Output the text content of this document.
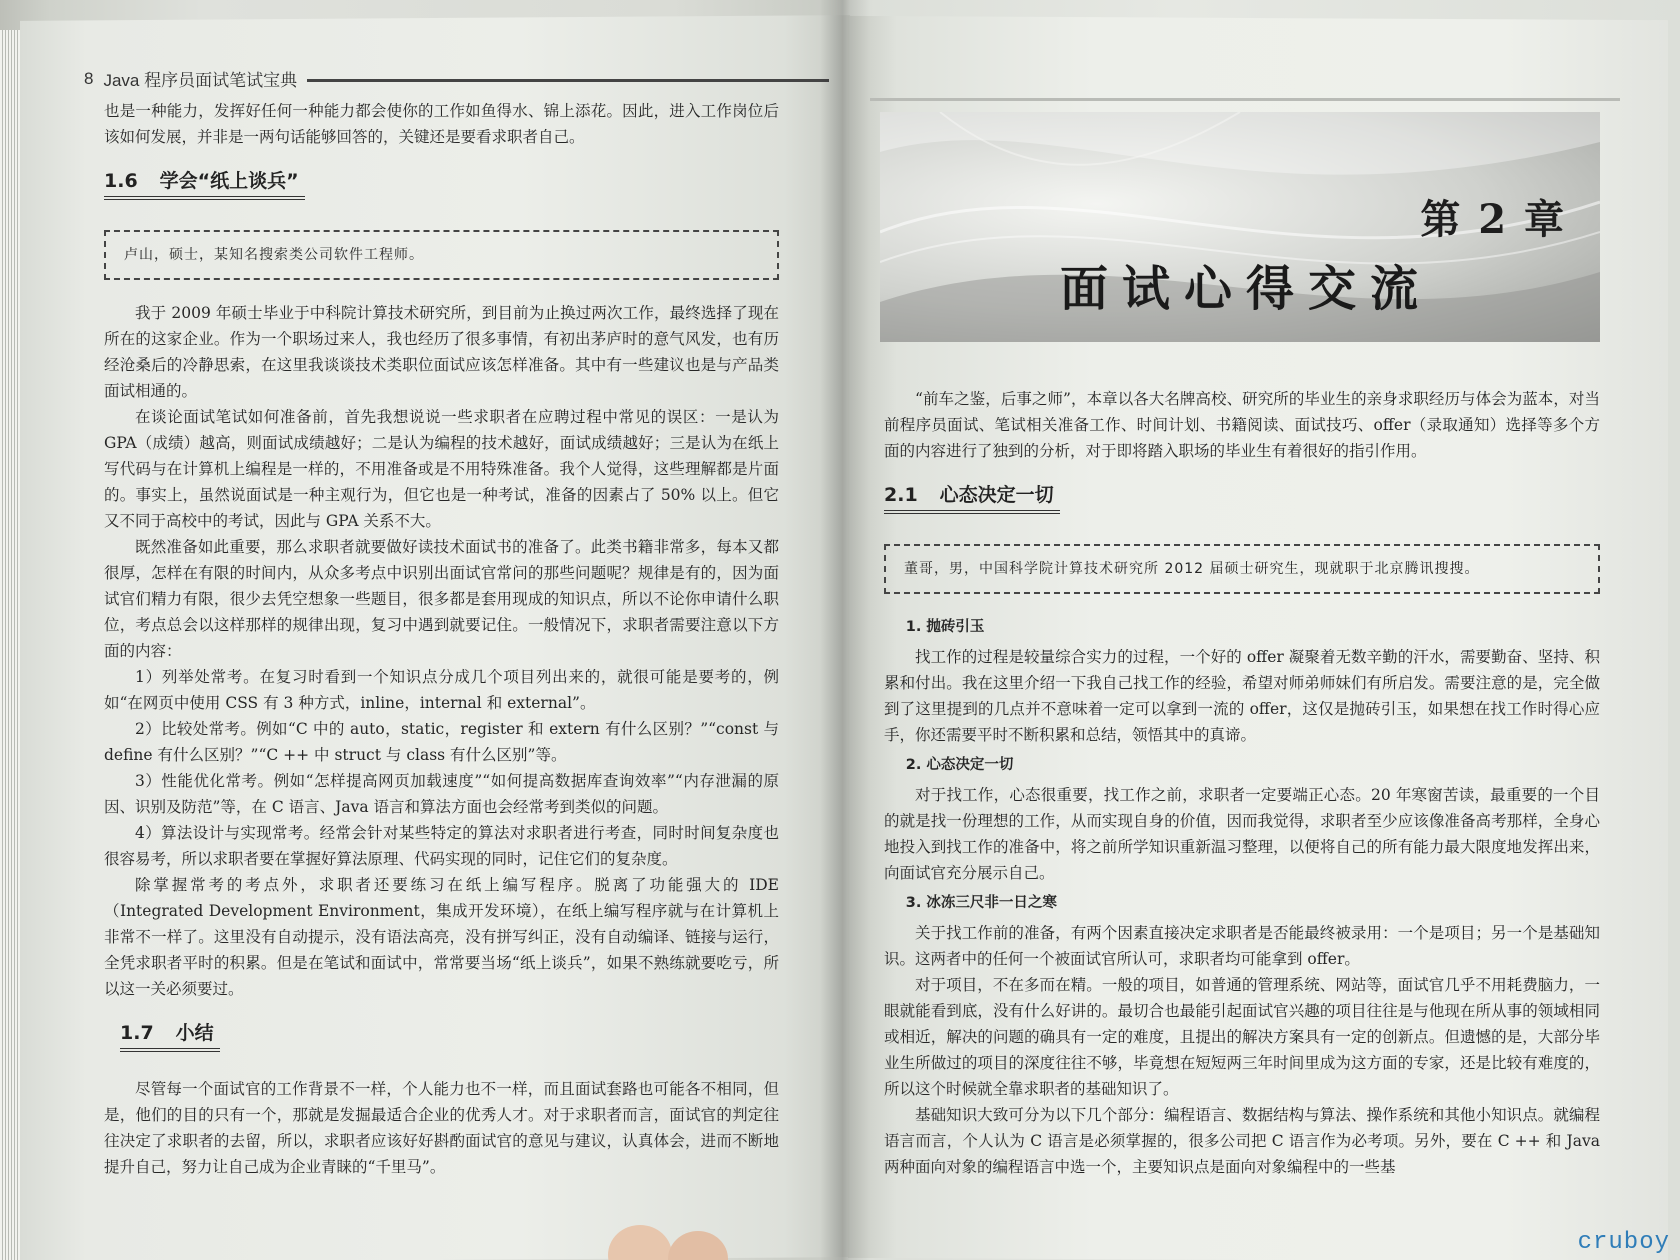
8 Java 程序员面试笔试宝典

也是一种能力，发挥好任何一种能力都会使你的工作如鱼得水、锦上添花。因此，进入工作岗位后该如何发展，并非是一两句话能够回答的，关键还是要看求职者自己。

1.6 学会“纸上谈兵”
卢山，硕士，某知名搜索类公司软件工程师。

我于 2009 年硕士毕业于中科院计算技术研究所，到目前为止换过两次工作，最终选择了现在所在的这家企业。作为一个职场过来人，我也经历了很多事情，有初出茅庐时的意气风发，也有历经沧桑后的冷静思索，在这里我谈谈技术类职位面试应该怎样准备。其中有一些建议也是与产品类面试相通的。

在谈论面试笔试如何准备前，首先我想说说一些求职者在应聘过程中常见的误区：一是认为 GPA（成绩）越高，则面试成绩越好；二是认为编程的技术越好，面试成绩越好；三是认为在纸上写代码与在计算机上编程是一样的，不用准备或是不用特殊准备。我个人觉得，这些理解都是片面的。事实上，虽然说面试是一种主观行为，但它也是一种考试，准备的因素占了 50% 以上。但它又不同于高校中的考试，因此与 GPA 关系不大。

既然准备如此重要，那么求职者就要做好读技术面试书的准备了。此类书籍非常多，每本又都很厚，怎样在有限的时间内，从众多考点中识别出面试官常问的那些问题呢？规律是有的，因为面试官们精力有限，很少去凭空想象一些题目，很多都是套用现成的知识点，所以不论你申请什么职位，考点总会以这样那样的规律出现，复习中遇到就要记住。一般情况下，求职者需要注意以下方面的内容：

1）列举处常考。在复习时看到一个知识点分成几个项目列出来的，就很可能是要考的，例如“在网页中使用 CSS 有 3 种方式，inline，internal 和 external”。

2）比较处常考。例如“C 中的 auto，static，register 和 extern 有什么区别？”“const 与 define 有什么区别？”“C ++ 中 struct 与 class 有什么区别”等。

3）性能优化常考。例如“怎样提高网页加载速度”“如何提高数据库查询效率”“内存泄漏的原因、识别及防范”等，在 C 语言、Java 语言和算法方面也会经常考到类似的问题。

4）算法设计与实现常考。经常会针对某些特定的算法对求职者进行考查，同时时间复杂度也很容易考，所以求职者要在掌握好算法原理、代码实现的同时，记住它们的复杂度。

除掌握常考的考点外，求职者还要练习在纸上编写程序。脱离了功能强大的 IDE（Integrated Development Environment，集成开发环境），在纸上编写程序就与在计算机上非常不一样了。这里没有自动提示，没有语法高亮，没有拼写纠正，没有自动编译、链接与运行，全凭求职者平时的积累。但是在笔试和面试中，常常要当场“纸上谈兵”，如果不熟练就要吃亏，所以这一关必须要过。

1.7 小结

尽管每一个面试官的工作背景不一样，个人能力也不一样，而且面试套路也可能各不相同，但是，他们的目的只有一个，那就是发掘最适合企业的优秀人才。对于求职者而言，面试官的判定往往决定了求职者的去留，所以，求职者应该好好斟酌面试官的意见与建议，认真体会，进而不断地提升自己，努力让自己成为企业青睐的“千里马”。

第 2 章
面试心得交流

“前车之鉴，后事之师”，本章以各大名牌高校、研究所的毕业生的亲身求职经历与体会为蓝本，对当前程序员面试、笔试相关准备工作、时间计划、书籍阅读、面试技巧、offer（录取通知）选择等多个方面的内容进行了独到的分析，对于即将踏入职场的毕业生有着很好的指引作用。

2.1 心态决定一切
董哥，男，中国科学院计算技术研究所 2012 届硕士研究生，现就职于北京腾讯搜搜。
1. 抛砖引玉

找工作的过程是较量综合实力的过程，一个好的 offer 凝聚着无数辛勤的汗水，需要勤奋、坚持、积累和付出。我在这里介绍一下我自己找工作的经验，希望对师弟师妹们有所启发。需要注意的是，完全做到了这里提到的几点并不意味着一定可以拿到一流的 offer，这仅是抛砖引玉，如果想在找工作时得心应手，你还需要平时不断积累和总结，领悟其中的真谛。

2. 心态决定一切

对于找工作，心态很重要，找工作之前，求职者一定要端正心态。20 年寒窗苦读，最重要的一个目的就是找一份理想的工作，从而实现自身的价值，因而我觉得，求职者至少应该像准备高考那样，全身心地投入到找工作的准备中，将之前所学知识重新温习整理，以便将自己的所有能力最大限度地发挥出来，向面试官充分展示自己。

3. 冰冻三尺非一日之寒

关于找工作前的准备，有两个因素直接决定求职者是否能最终被录用：一个是项目；另一个是基础知识。这两者中的任何一个被面试官所认可，求职者均可能拿到 offer。

对于项目，不在多而在精。一般的项目，如普通的管理系统、网站等，面试官几乎不用耗费脑力，一眼就能看到底，没有什么好讲的。最切合也最能引起面试官兴趣的项目往往是与他现在所从事的领域相同或相近，解决的问题的确具有一定的难度，且提出的解决方案具有一定的创新点。但遗憾的是，大部分毕业生所做过的项目的深度往往不够，毕竟想在短短两三年时间里成为这方面的专家，还是比较有难度的，所以这个时候就全靠求职者的基础知识了。

基础知识大致可分为以下几个部分：编程语言、数据结构与算法、操作系统和其他小知识点。就编程语言而言，个人认为 C 语言是必须掌握的，很多公司把 C 语言作为必考项。另外，要在 C ++ 和 Java 两种面向对象的编程语言中选一个，主要知识点是面向对象编程中的一些基

cruboy
